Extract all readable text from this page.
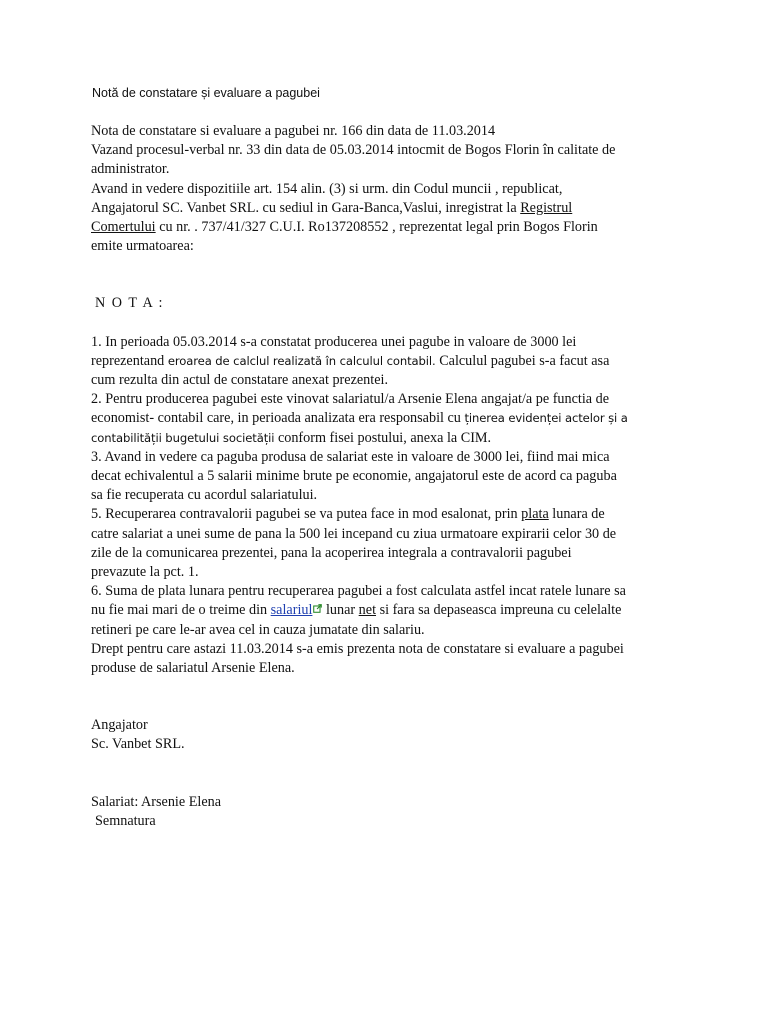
Notă de constatare și evaluare a pagubei
Nota de constatare si evaluare a pagubei nr. 166 din data de 11.03.2014
Vazand procesul-verbal nr. 33 din data de 05.03.2014 intocmit de Bogos Florin în calitate de
administrator.
Avand in vedere dispozitiile art. 154 alin. (3) si urm. din Codul muncii , republicat,
Angajatorul SC. Vanbet SRL. cu sediul in Gara-Banca,Vaslui, inregistrat la Registrul
Comertului cu nr. . 737/41/327 C.U.I. Ro137208552 , reprezentat legal prin Bogos Florin
emite urmatoarea:
N O T A :
1. In perioada 05.03.2014 s-a constatat producerea unei pagube in valoare de 3000 lei
reprezentand eroarea de calclul realizată în calculul contabil. Calculul pagubei s-a facut asa
cum rezulta din actul de constatare anexat prezentei.
2. Pentru producerea pagubei este vinovat salariatul/a Arsenie Elena angajat/a pe functia de
economist- contabil care, in perioada analizata era responsabil cu ținerea evidenței actelor și a
contabilității bugetului societății conform fisei postului, anexa la CIM.
3. Avand in vedere ca paguba produsa de salariat este in valoare de 3000 lei, fiind mai mica
decat echivalentul a 5 salarii minime brute pe economie, angajatorul este de acord ca paguba
sa fie recuperata cu acordul salariatului.
5. Recuperarea contravalorii pagubei se va putea face in mod esalonat, prin plata lunara de
catre salariat a unei sume de pana la 500 lei incepand cu ziua urmatoare expirarii celor 30 de
zile de la comunicarea prezentei, pana la acoperirea integrala a contravalorii pagubei
prevazute la pct. 1.
6. Suma de plata lunara pentru recuperarea pagubei a fost calculata astfel incat ratele lunare sa
nu fie mai mari de o treime din salariul lunar net si fara sa depaseasca impreuna cu celelalte
retineri pe care le-ar avea cel in cauza jumatate din salariu.
Drept pentru care astazi 11.03.2014 s-a emis prezenta nota de constatare si evaluare a pagubei
produse de salariatul Arsenie Elena.
Angajator
Sc. Vanbet SRL.
Salariat: Arsenie Elena
Semnatura
